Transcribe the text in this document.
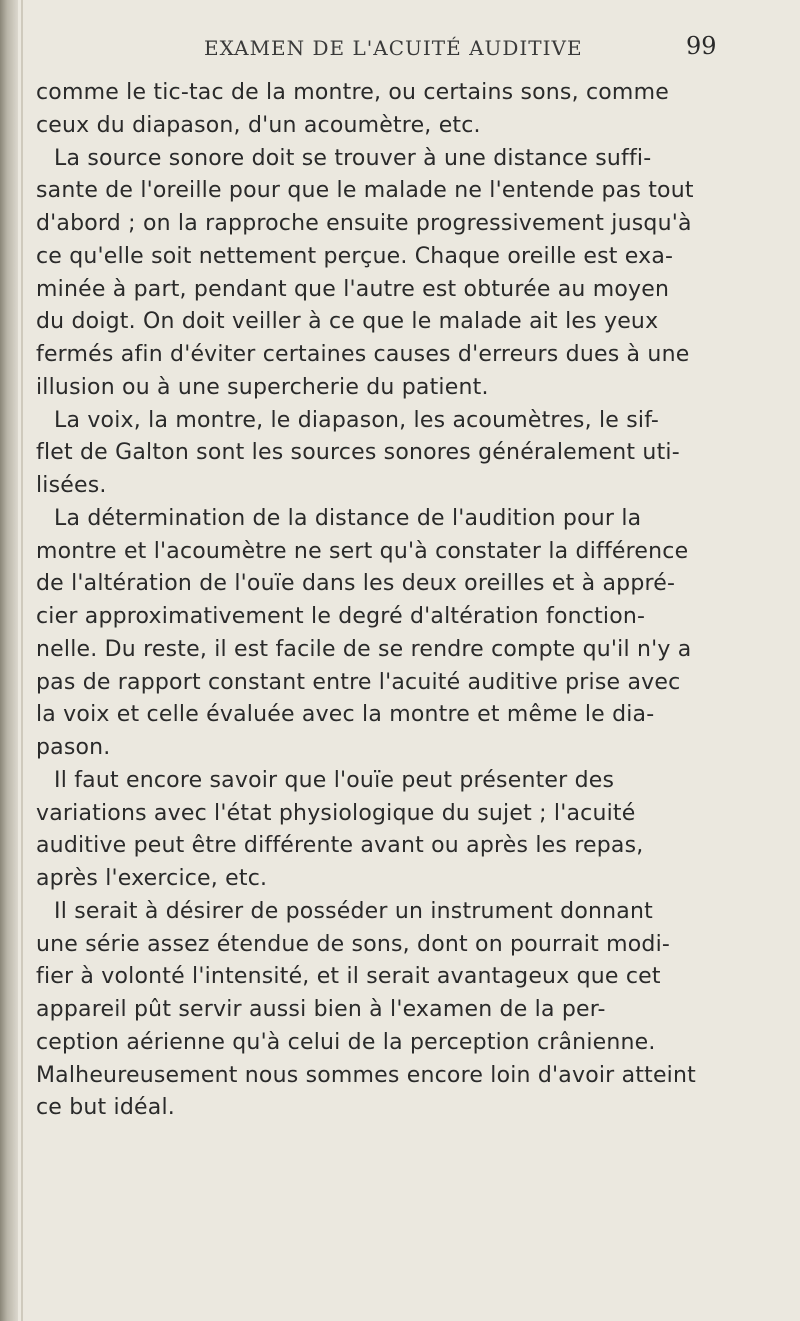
EXAMEN DE L'ACUITÉ AUDITIVE	99
comme le tic-tac de la montre, ou certains sons, comme
ceux du diapason, d'un acoumètre, etc.
La source sonore doit se trouver à une distance suffi-
sante de l'oreille pour que le malade ne l'entende pas tout
d'abord ; on la rapproche ensuite progressivement jusqu'à
ce qu'elle soit nettement perçue. Chaque oreille est exa-
minée à part, pendant que l'autre est obturée au moyen
du doigt. On doit veiller à ce que le malade ait les yeux
fermés afin d'éviter certaines causes d'erreurs dues à une
illusion ou à une supercherie du patient.
La voix, la montre, le diapason, les acoumètres, le sif-
flet de Galton sont les sources sonores généralement uti-
lisées.
La détermination de la distance de l'audition pour la
montre et l'acoumètre ne sert qu'à constater la différence
de l'altération de l'ouïe dans les deux oreilles et à appré-
cier approximativement le degré d'altération fonction-
nelle. Du reste, il est facile de se rendre compte qu'il n'y a
pas de rapport constant entre l'acuité auditive prise avec
la voix et celle évaluée avec la montre et même le dia-
pason.
Il faut encore savoir que l'ouïe peut présenter des
variations avec l'état physiologique du sujet ; l'acuité
auditive peut être différente avant ou après les repas,
après l'exercice, etc.
Il serait à désirer de posséder un instrument donnant
une série assez étendue de sons, dont on pourrait modi-
fier à volonté l'intensité, et il serait avantageux que cet
appareil pût servir aussi bien à l'examen de la per-
ception aérienne qu'à celui de la perception crânienne.
Malheureusement nous sommes encore loin d'avoir atteint
ce but idéal.
